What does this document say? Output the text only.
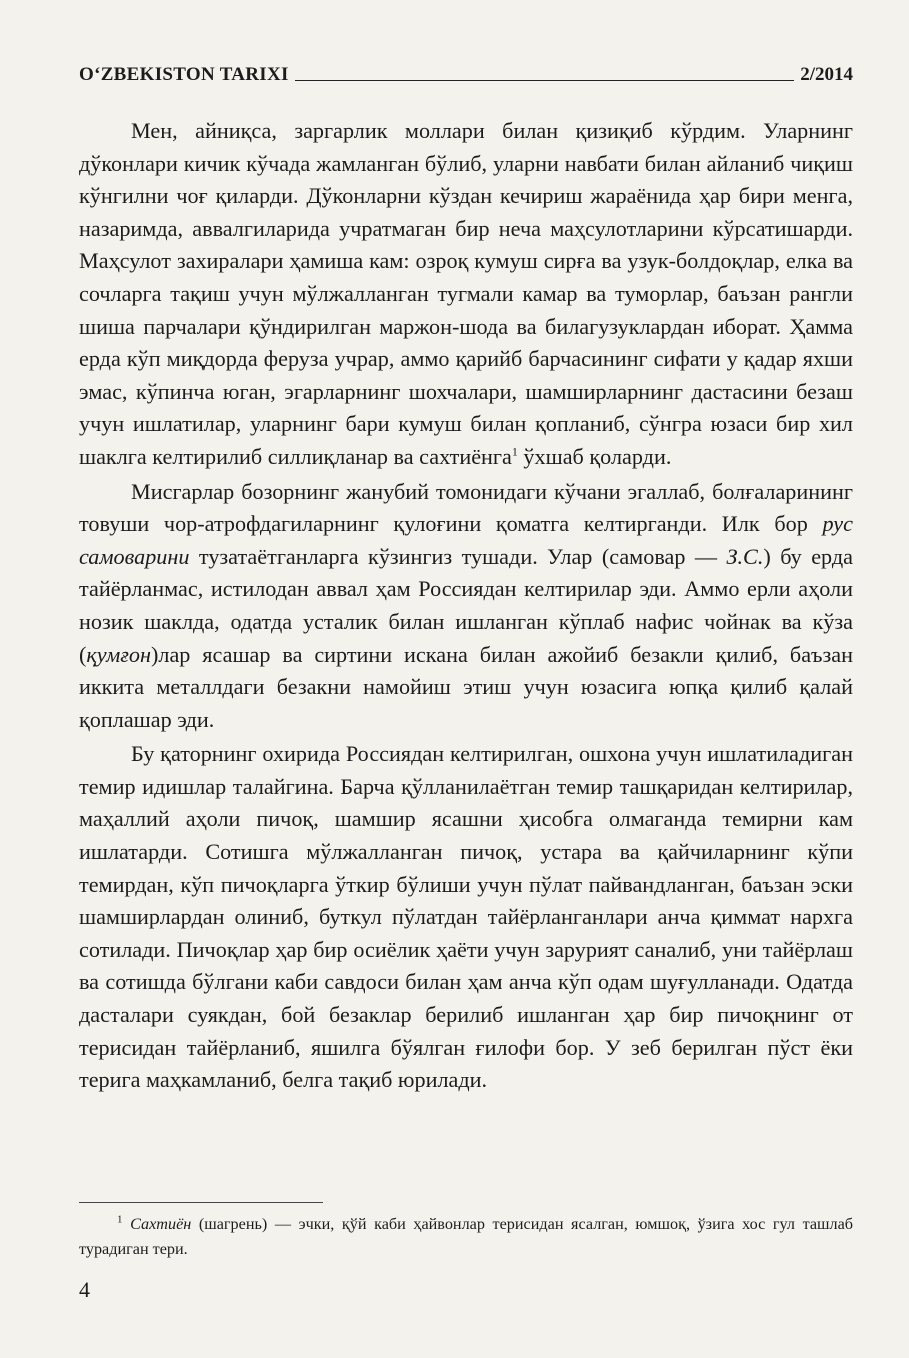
O‘ZBEKISTON TARIXI	2/2014

Мен, айниқса, заргарлик моллари билан қизиқиб кўрдим. Уларнинг дўконлари кичик кўчада жамланган бўлиб, уларни навбати билан айланиб чиқиш кўнгилни чоғ қиларди. Дўконларни кўздан кечириш жараёнида ҳар бири менга, назаримда, аввалгиларида учратмаган бир неча маҳсулотларини кўрсатишарди. Маҳсулот захиралари ҳамиша кам: озроқ кумуш сирға ва узук-болдоқлар, елка ва сочларга тақиш учун мўлжалланган тугмали камар ва туморлар, баъзан рангли шиша парчалари қўндирилган маржон-шода ва билагузуклардан иборат. Ҳамма ерда кўп миқдорда феруза учрар, аммо қарийб барчасининг сифати у қадар яхши эмас, кўпинча юган, эгарларнинг шохчалари, шамширларнинг дастасини безаш учун ишлатилар, уларнинг бари кумуш билан қопланиб, сўнгра юзаси бир хил шаклга келтирилиб силлиқланар ва сахтиёнга$^1$ ўхшаб қоларди.

Мисгарлар бозорнинг жанубий томонидаги кўчани эгаллаб, болғаларининг товуши чор-атрофдагиларнинг қулоғини қоматга келтирганди. Илк бор рус самоварини тузатаётганларга кўзингиз тушади. Улар (самовар — З.С.) бу ерда тайёрланмас, истилодан аввал ҳам Россиядан келтирилар эди. Аммо ерли аҳоли нозик шаклда, одатда усталик билан ишланган кўплаб нафис чойнак ва кўза (қумғон)лар ясашар ва сиртини искана билан ажойиб безакли қилиб, баъзан иккита металлдаги безакни намойиш этиш учун юзасига юпқа қилиб қалай қоплашар эди.

Бу қаторнинг охирида Россиядан келтирилган, ошхона учун ишлатиладиган темир идишлар талайгина. Барча қўлланилаётган темир ташқаридан келтирилар, маҳаллий аҳоли пичоқ, шамшир ясашни ҳисобга олмаганда темирни кам ишлатарди. Сотишга мўлжалланган пичоқ, устара ва қайчиларнинг кўпи темирдан, кўп пичоқларга ўткир бўлиши учун пўлат пайвандланган, баъзан эски шамширлардан олиниб, буткул пўлатдан тайёрланганлари анча қиммат нархга сотилади. Пичоқлар ҳар бир осиёлик ҳаёти учун зарурият саналиб, уни тайёрлаш ва сотишда бўлгани каби савдоси билан ҳам анча кўп одам шуғулланади. Одатда дасталари суякдан, бой безаклар берилиб ишланган ҳар бир пичоқнинг от терисидан тайёрланиб, яшилга бўялган ғилофи бор. У зеб берилган пўст ёки терига маҳкамланиб, белга тақиб юрилади.

$^1$ Сахтиён (шагрень) — эчки, қўй каби ҳайвонлар терисидан ясалган, юмшоқ, ўзига хос гул ташлаб турадиган тери.
4
